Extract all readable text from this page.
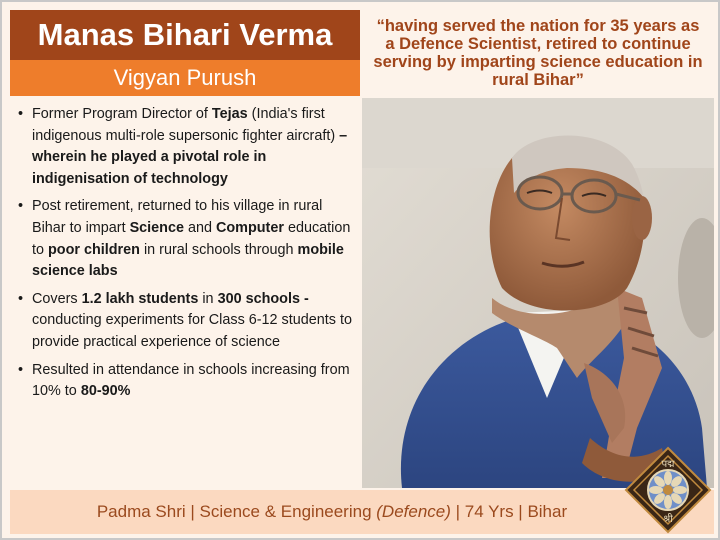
Manas Bihari Verma
Vigyan Purush
“having served the nation for 35 years as a Defence Scientist, retired to continue serving by imparting science education in rural Bihar”
• Former Program Director of Tejas (India's first indigenous multi-role supersonic fighter aircraft) – wherein he played a pivotal role in indigenisation of technology
• Post retirement, returned to his village in rural Bihar to impart Science and Computer education to poor children in rural schools through mobile science labs
• Covers 1.2 lakh students in 300 schools - conducting experiments for Class 6-12 students to provide practical experience of science
• Resulted in attendance in schools increasing from 10% to 80-90%
Padma Shri | Science & Engineering (Defence) | 74 Yrs | Bihar
पद्म
श्री
